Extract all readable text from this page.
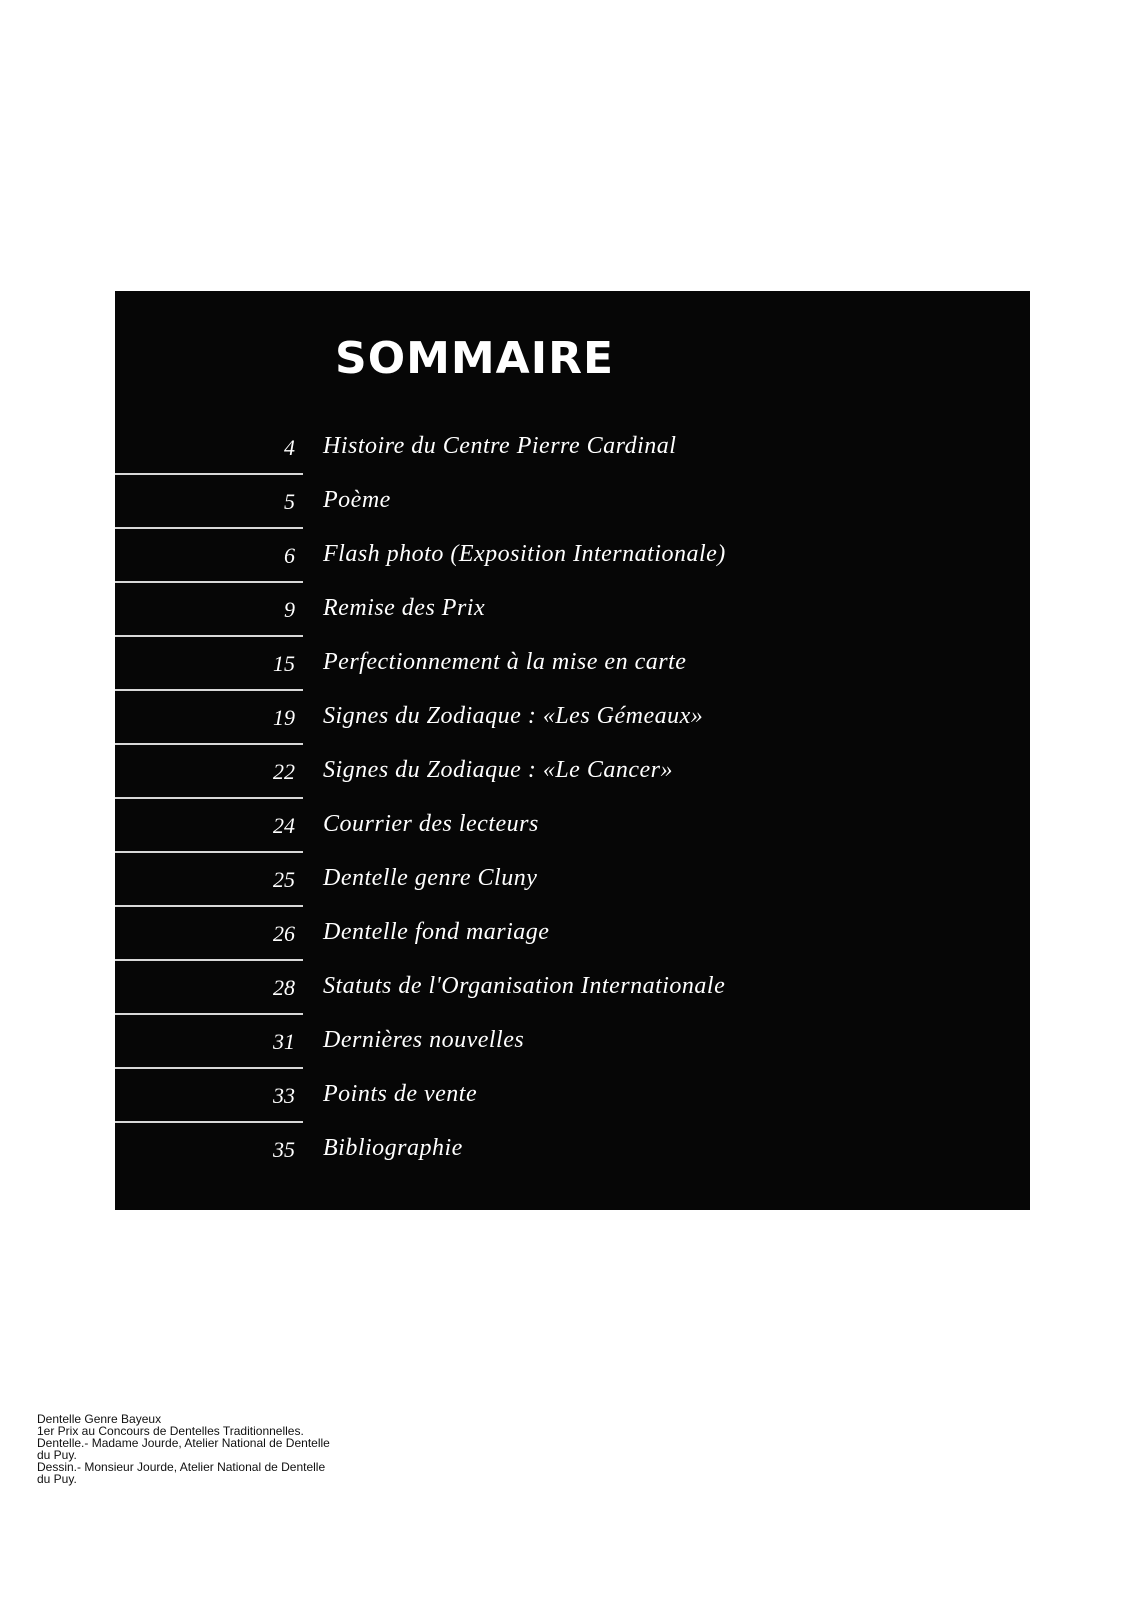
SOMMAIRE
4 Histoire du Centre Pierre Cardinal
5 Poème
6 Flash photo (Exposition Internationale)
9 Remise des Prix
15 Perfectionnement à la mise en carte
19 Signes du Zodiaque : «Les Gémeaux»
22 Signes du Zodiaque : «Le Cancer»
24 Courrier des lecteurs
25 Dentelle genre Cluny
26 Dentelle fond mariage
28 Statuts de l'Organisation Internationale
31 Dernières nouvelles
33 Points de vente
35 Bibliographie
Dentelle Genre Bayeux
1er Prix au Concours de Dentelles Traditionnelles.
Dentelle.- Madame Jourde, Atelier National de Dentelle
du Puy.
Dessin.- Monsieur Jourde, Atelier National de Dentelle
du Puy.
